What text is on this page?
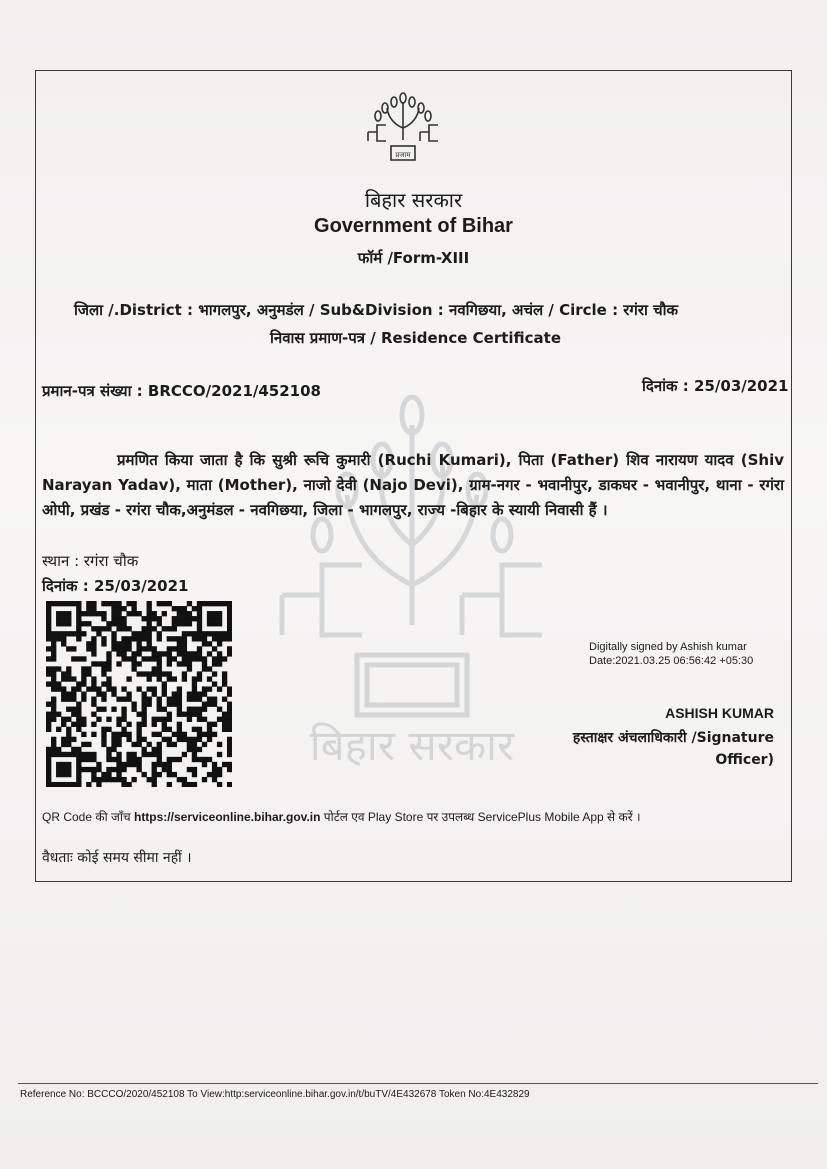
बिहार सरकार
प्रजाम
बिहार सरकार
Government of Bihar
फॉर्म /Form-XIII
जिला /.District : भागलपुर, अनुमडंल / Sub&Division : नवगिछया, अचंल / Circle : रगंरा चौक
निवास प्रमाण-पत्र / Residence Certificate
प्रमान-पत्र संख्या : BRCCO/2021/452108	दिनांक : 25/03/2021
प्रमणित किया जाता है कि सुश्री रूचि कुमारी (Ruchi Kumari), पिता (Father) शिव नारायण यादव (Shiv Narayan Yadav), माता (Mother), नाजो देवी (Najo Devi), ग्राम-नगर - भवानीपुर, डाकघर - भवानीपुर, थाना - रगंरा ओपी, प्रखंड - रगंरा चौक,अनुमंडल - नवगिछया, जिला - भागलपुर, राज्य -बिहार के स्यायी निवासी हैं ।
स्थान : रगंरा चौक
दिनांक : 25/03/2021
Digitally signed by Ashish kumar
Date:2021.03.25 06:56:42 +05:30
ASHISH KUMAR
हस्ताक्षर अंचलाधिकारी /Signature
Officer)
QR Code की जाँच https://serviceonline.bihar.gov.in पोर्टल एव Play Store पर उपलब्ध ServicePlus Mobile App से करें ।
वैधताः कोई समय सीमा नहीं ।
Reference No: BCCCO/2020/452108 To View:http:serviceonline.bihar.gov.in/t/buTV/4E432678 Token No:4E432829
